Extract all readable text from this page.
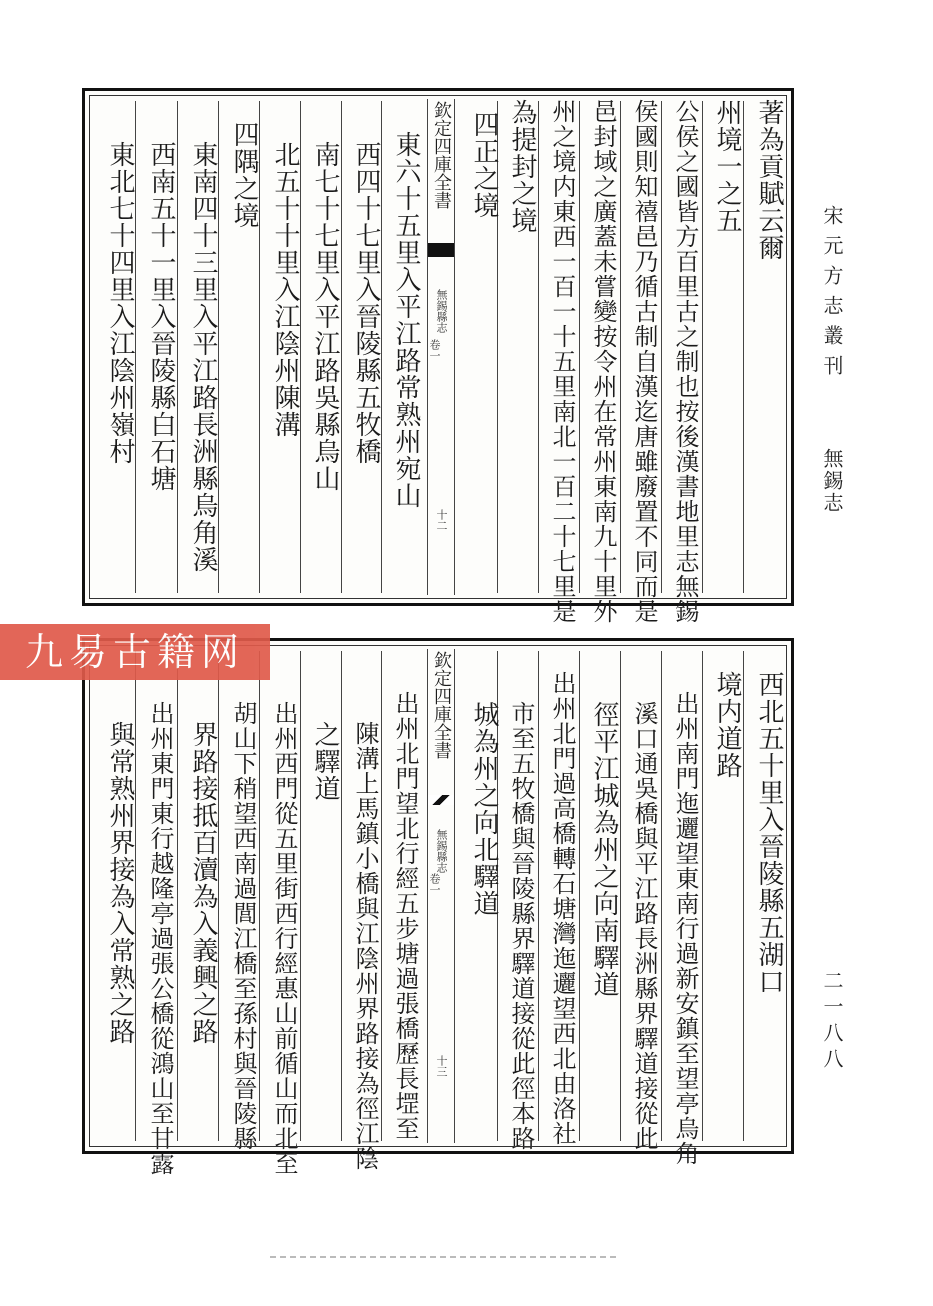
宋元方志叢刊
無錫志
二一八八
著為貢賦云爾
州境一之五
公侯之國皆方百里古之制也按後漢書地里志無錫
侯國則知禧邑乃循古制自漢迄唐雖廢置不同而是
邑封域之廣蓋未嘗變按令州在常州東南九十里外
州之境内東西一百一十五里南北一百二十七里是
為提封之境
四正之境
欽定四庫全書
無錫縣志
卷一
十二
東六十五里入平江路常熟州宛山
西四十七里入晉陵縣五牧橋
南七十七里入平江路吳縣烏山
北五十十里入江陰州陳溝
四隅之境
東南四十三里入平江路長洲縣烏角溪
西南五十一里入晉陵縣白石塘
東北七十四里入江陰州嶺村
西北五十里入晉陵縣五湖口
境内道路
出州南門迤邐望東南行過新安鎮至望亭烏角
溪口通吳橋與平江路長洲縣界驛道接從此
徑平江城為州之向南驛道
出州北門過高橋轉石塘灣迤邐望西北由洛社
市至五牧橋與晉陵縣界驛道接從此徑本路
城為州之向北驛道
欽定四庫全書
無錫縣志
卷一
十三
出州北門望北行經五步塘過張橋歷長堽至
陳溝上馬鎮小橋與江陰州界路接為徑江陰
之驛道
出州西門從五里街西行經惠山前循山而北至
胡山下稍望西南過閭江橋至孫村與晉陵縣
界路接抵百瀆為入義興之路
出州東門東行越隆亭過張公橋從鴻山至甘露
與常熟州界接為入常熟之路
九易古籍网
